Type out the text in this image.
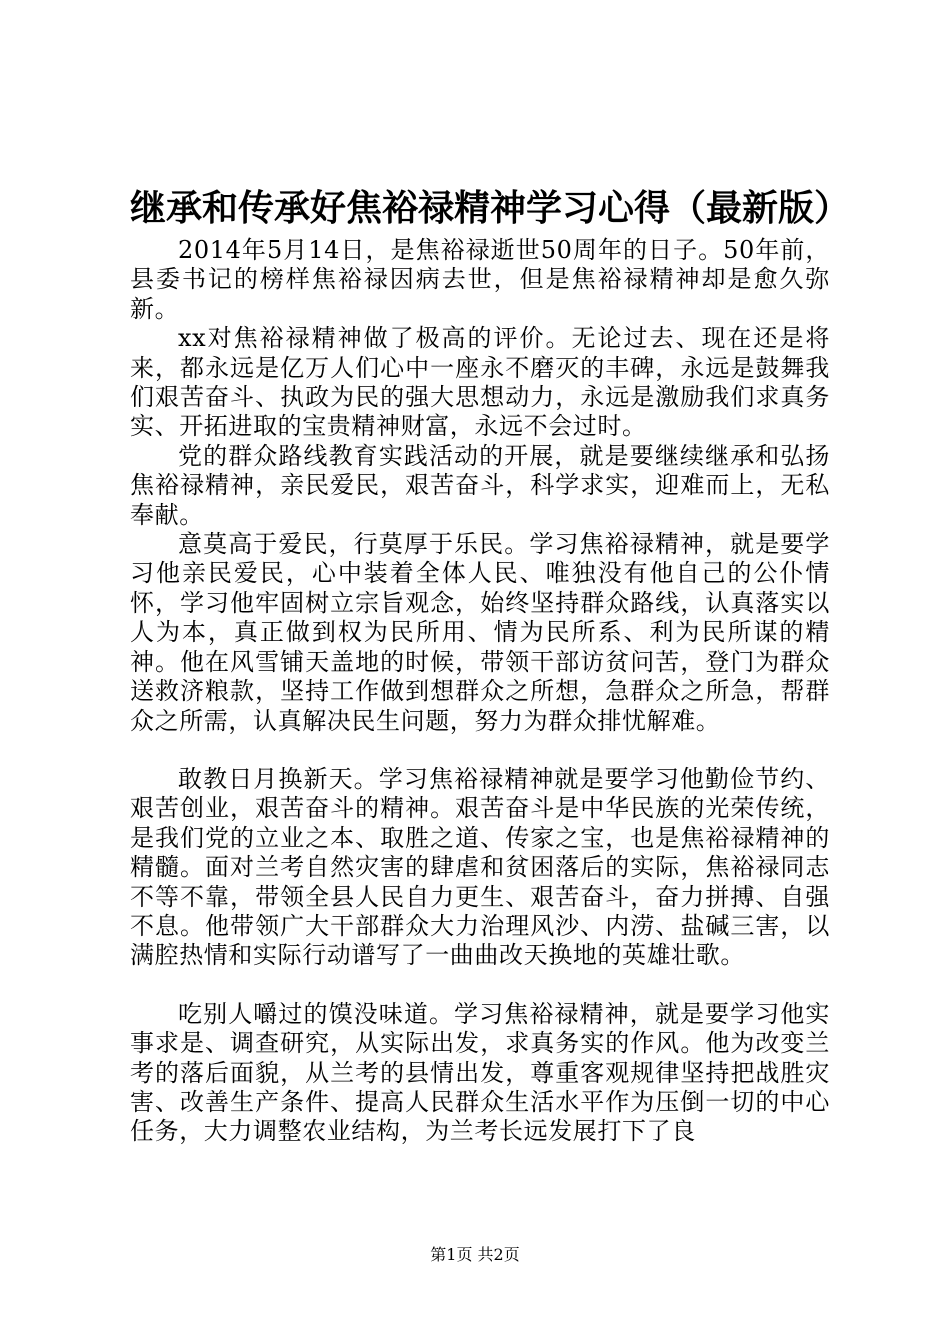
继承和传承好焦裕禄精神学习心得（最新版）

2014年5月14日，是焦裕禄逝世50周年的日子。50年前，县委书记的榜样焦裕禄因病去世，但是焦裕禄精神却是愈久弥新。

xx对焦裕禄精神做了极高的评价。无论过去、现在还是将来，都永远是亿万人们心中一座永不磨灭的丰碑，永远是鼓舞我们艰苦奋斗、执政为民的强大思想动力，永远是激励我们求真务实、开拓进取的宝贵精神财富，永远不会过时。

党的群众路线教育实践活动的开展，就是要继续继承和弘扬焦裕禄精神，亲民爱民，艰苦奋斗，科学求实，迎难而上，无私奉献。

意莫高于爱民，行莫厚于乐民。学习焦裕禄精神，就是要学习他亲民爱民，心中装着全体人民、唯独没有他自己的公仆情怀，学习他牢固树立宗旨观念，始终坚持群众路线，认真落实以人为本，真正做到权为民所用、情为民所系、利为民所谋的精神。他在风雪铺天盖地的时候，带领干部访贫问苦，登门为群众送救济粮款，坚持工作做到想群众之所想，急群众之所急，帮群众之所需，认真解决民生问题，努力为群众排忧解难。

敢教日月换新天。学习焦裕禄精神就是要学习他勤俭节约、艰苦创业，艰苦奋斗的精神。艰苦奋斗是中华民族的光荣传统，是我们党的立业之本、取胜之道、传家之宝，也是焦裕禄精神的精髓。面对兰考自然灾害的肆虐和贫困落后的实际，焦裕禄同志不等不靠，带领全县人民自力更生、艰苦奋斗，奋力拼搏、自强不息。他带领广大干部群众大力治理风沙、内涝、盐碱三害，以满腔热情和实际行动谱写了一曲曲改天换地的英雄壮歌。

吃别人嚼过的馍没味道。学习焦裕禄精神，就是要学习他实事求是、调查研究，从实际出发，求真务实的作风。他为改变兰考的落后面貌，从兰考的县情出发，尊重客观规律坚持把战胜灾害、改善生产条件、提高人民群众生活水平作为压倒一切的中心任务，大力调整农业结构，为兰考长远发展打下了良

第1页 共2页
